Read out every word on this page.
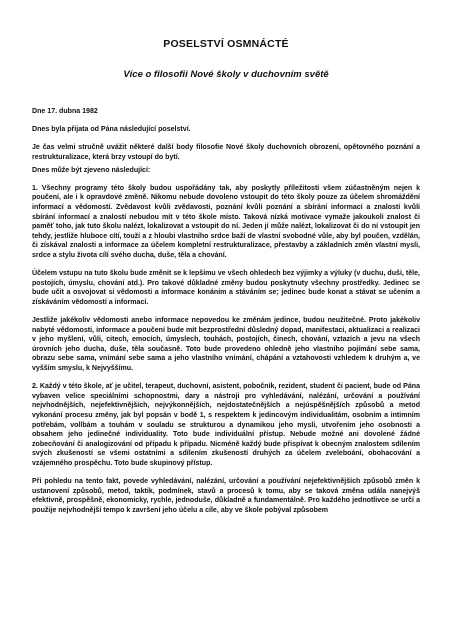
POSELSTVÍ OSMNÁCTÉ
Více o filosofii Nové školy v duchovním světě

Dne 17. dubna 1982

Dnes byla přijata od Pána následující poselství.

Je čas velmi stručně uvážit některé další body filosofie Nové školy duchovních obrození, opětovného poznání a restrukturalizace, která brzy vstoupí do bytí.

Dnes může být zjeveno následující:

1. Všechny programy této školy budou uspořádány tak, aby poskytly příležitosti všem zúčastněným nejen k poučení, ale i k opravdové změně. Nikomu nebude dovoleno vstoupit do této školy pouze za účelem shromáždění informací a vědomostí. Zvědavost kvůli zvědavosti, poznání kvůli poznání a sbírání informací a znalostí kvůli sbírání informací a znalostí nebudou mít v této škole místo. Taková nízká motivace vymaže jakoukoli znalost či paměť toho, jak tuto školu nalézt, lokalizovat a vstoupit do ní. Jeden jí může nalézt, lokalizovat či do ní vstoupit jen tehdy, jestliže hluboce cítí, touží a z hloubi vlastního srdce baží de vlastní svobodné vůle, aby byl poučen, vzdělán, či získával znalosti a informace za účelem kompletní restrukturalizace, přestavby a základních změn vlastní mysli, srdce a stylu života cílí svého ducha, duše, těla a chování.

Účelem vstupu na tuto školu bude změnit se k lepšímu ve všech ohledech bez výjimky a výluky (v duchu, duši, těle, postojích, úmyslu, chování atd.). Pro takové důkladné změny budou poskytnuty všechny prostředky. Jedinec se bude učit a osvojovat si vědomosti a informace konáním a stáváním se; jedinec bude konat a stávat se učením a získáváním vědomostí a informací.

Jestliže jakékoliv vědomosti anebo informace nepovedou ke změnám jedince, budou neužitečné. Proto jakékoliv nabyté vědomosti, informace a poučení bude mít bezprostřední důsledný dopad, manifestaci, aktualizaci a realizaci v jeho myšlení, vůli, citech, emocích, úmyslech, touhách, postojích, činech, chování, vztazích a jevu na všech úrovních jeho ducha, duše, těla současně. Toto bude provedeno ohledně jeho vlastního pojímání sebe sama, obrazu sebe sama, vnímání sebe sama a jeho vlastního vnímání, chápání a vztahovosti vzhledem k druhým a, ve vyšším smyslu, k Nejvyššímu.

2. Každý v této škole, ať je učitel, terapeut, duchovní, asistent, pobočník, rezident, student či pacient, bude od Pána vybaven velice speciálními schopnostmi, dary a nástroji pro vyhledávání, nalézání, určování a používání nejvhodnějších, nejefektivnějších, nejvýkonnějších, nejdostatečnějších a nejúspěšnějších způsobů a metod vykonání procesu změny, jak byl popsán v bodě 1, s respektem k jedincovým individualitám, osobním a intimním potřebám, vollbám a touhám v souladu se strukturou a dynamikou jeho mysli, utvořením jeho osobnosti a obsahem jeho jedinečné individuality. Toto bude individuální přístup. Nebude možné ani dovolené žádné zobecňování či analogizování od případu k případu. Nicméně každý bude přispívat k obecným znalostem sdílením svých zkušeností se všemi ostatními a sdílením zkušeností druhých za účelem zveleboání, obohacování a vzájemného prospěchu. Toto bude skupinový přístup.

Při pohledu na tento fakt, povede vyhledávání, nalézání, určování a používání nejefektivnějších způsobů změn k ustanovení způsobů, metod, taktik, podmínek, stavů a procesů k tomu, aby se taková změna udála nanejvýš efektivně, prospěšně, ekonomicky, rychle, jednoduše, důkladně a fundamentálně. Pro každého jednotlivce se určí a použije nejvhodnější tempo k završení jeho účelu a cíle, aby ve škole pobýval způsobem
